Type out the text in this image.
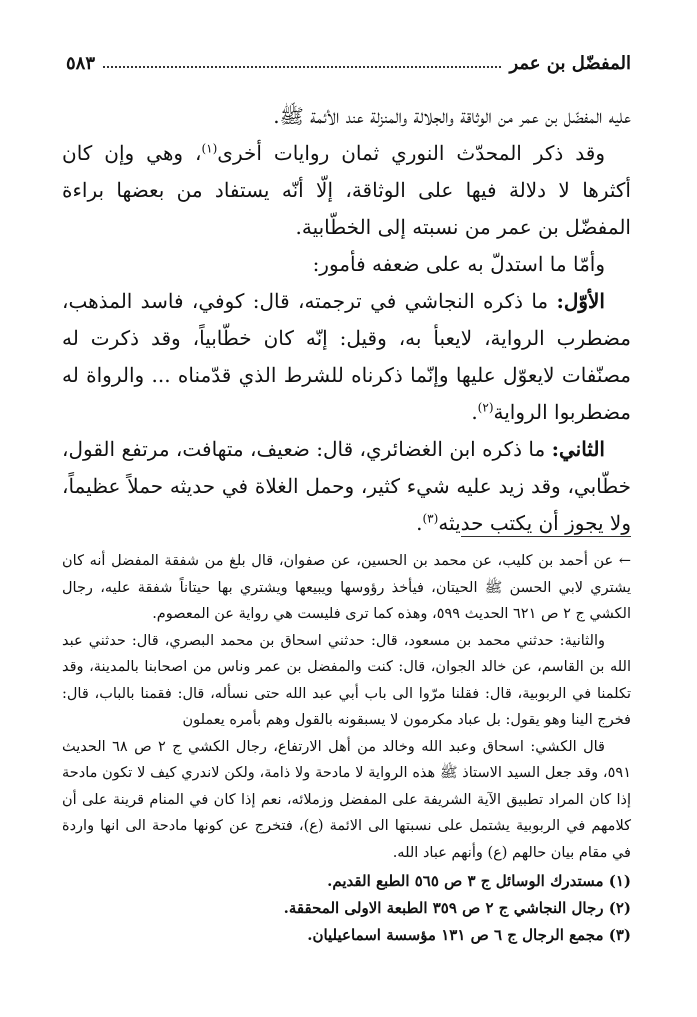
المفضّل بن عمر
٥٨٣

عليه المفضّل بن عمر من الوثاقة والجلالة والمنزلة عند الأئمة ﷺ.

وقد ذكر المحدّث النوري ثمان روايات أخرى$^{(١)}$، وهي وإن كان أكثرها لا دلالة فيها على الوثاقة، إلّا أنّه يستفاد من بعضها براءة المفضّل بن عمر من نسبته إلى الخطّابية.

وأمّا ما استدلّ به على ضعفه فأمور:

الأوّل: ما ذكره النجاشي في ترجمته، قال: كوفي، فاسد المذهب، مضطرب الرواية، لايعبأ به، وقيل: إنّه كان خطّابياً، وقد ذكرت له مصنّفات لايعوّل عليها وإنّما ذكرناه للشرط الذي قدّمناه ... والرواة له مضطربوا الرواية$^{(٢)}$.

الثاني: ما ذكره ابن الغضائري، قال: ضعيف، متهافت، مرتفع القول، خطّابي، وقد زيد عليه شيء كثير، وحمل الغلاة في حديثه حملاً عظيماً، ولا يجوز أن يكتب حديثه$^{(٣)}$.

← عن أحمد بن كليب، عن محمد بن الحسين، عن صفوان، قال بلغ من شفقة المفضل أنه كان يشتري لابي الحسن ﷺ الحيتان، فيأخذ رؤوسها ويبيعها ويشتري بها حيتاناً شفقة عليه، رجال الكشي ج ٢ ص ٦٢١ الحديث ٥٩٩، وهذه كما ترى فليست هي رواية عن المعصوم.

والثانية: حدثني محمد بن مسعود، قال: حدثني اسحاق بن محمد البصري، قال: حدثني عبد الله بن القاسم، عن خالد الجوان، قال: كنت والمفضل بن عمر وناس من اصحابنا بالمدينة، وقد تكلمنا في الربوبية، قال: فقلنا مرّوا الى باب أبي عبد الله حتى نسأله، قال: فقمنا بالباب، قال: فخرج الينا وهو يقول: بل عباد مكرمون لا يسبقونه بالقول وهم بأمره يعملون

قال الكشي: اسحاق وعبد الله وخالد من أهل الارتفاع، رجال الكشي ج ٢ ص ٦٨ الحديث ٥٩١، وقد جعل السيد الاستاذ ﷺ هذه الرواية لا مادحة ولا ذامة، ولكن لاندري كيف لا تكون مادحة إذا كان المراد تطبيق الآية الشريفة على المفضل وزملائه، نعم إذا كان في المنام قرينة على أن كلامهم في الربوبية يشتمل على نسبتها الى الائمة (ع)، فتخرج عن كونها مادحة الى انها واردة في مقام بيان حالهم (ع) وأنهم عباد الله.

(١) مستدرك الوسائل ج ٣ ص ٥٦٥ الطبع القديم.
(٢) رجال النجاشي ج ٢ ص ٣٥٩ الطبعة الاولى المحققة.
(٣) مجمع الرجال ج ٦ ص ١٣١ مؤسسة اسماعيليان.
